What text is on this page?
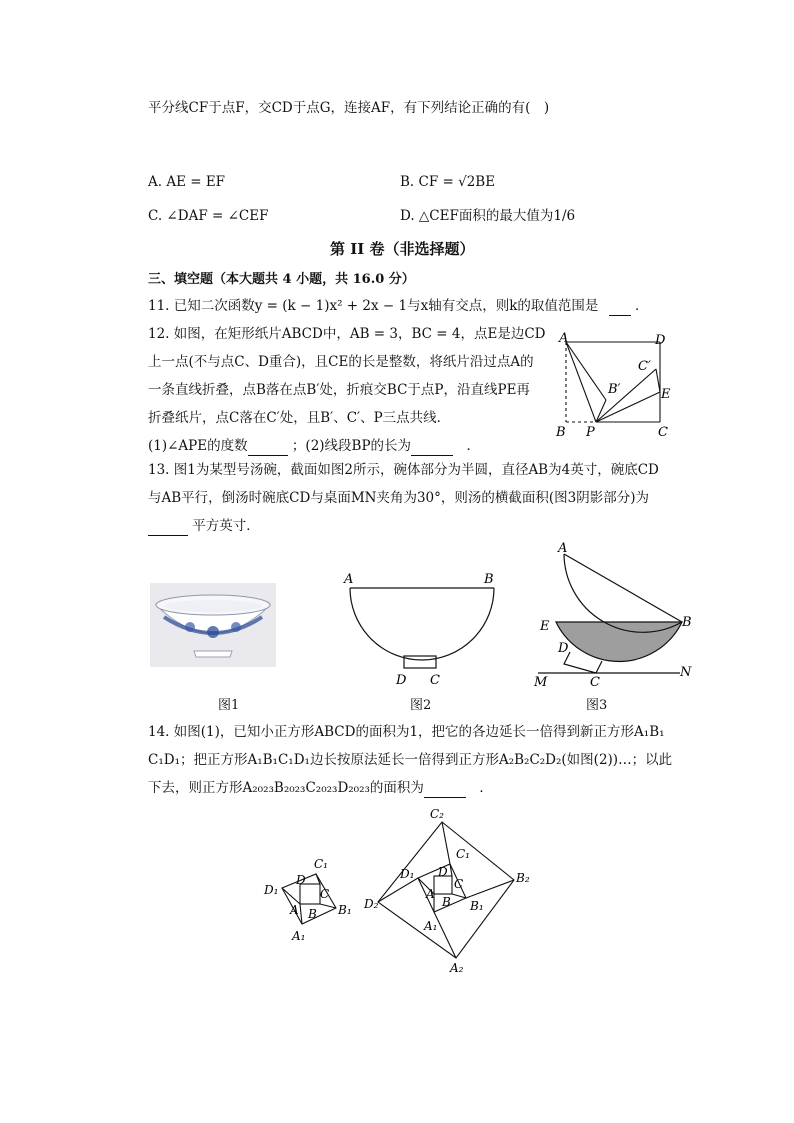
平分线CF于点F，交CD于点G，连接AF，有下列结论正确的有(　)
A. AE = EF	B. CF = √2BE
C. ∠DAF = ∠CEF	D. △CEF面积的最大值为1/6
第 II 卷（非选择题）
三、填空题（本大题共 4 小题，共 16.0 分）
11. 已知二次函数y = (k − 1)x² + 2x − 1与x轴有交点，则k的取值范围是  ．
12. 如图，在矩形纸片ABCD中，AB = 3，BC = 4，点E是边CD
上一点(不与点C、D重合)，且CE的长是整数，将纸片沿过点A的
一条直线折叠，点B落在点B′处，折痕交BC于点P，沿直线PE再
折叠纸片，点C落在C′处，且B′、C′、P三点共线．
(1)∠APE的度数	；(2)线段BP的长为	　．
A	D
C′
B′	E
B P	C
13. 图1为某型号汤碗，截面如图2所示，碗体部分为半圆，直径AB为4英寸，碗底CD
与AB平行，倒汤时碗底CD与桌面MN夹角为30°，则汤的横截面积(图3阴影部分)为
平方英寸．
图1
A	B
D C
图2
A
B
E
D
M	C
N
图3
14. 如图(1)，已知小正方形ABCD的面积为1，把它的各边延长一倍得到新正方形A₁B₁
C₁D₁；把正方形A₁B₁C₁D₁边长按原法延长一倍得到正方形A₂B₂C₂D₂(如图(2))…；以此
下去，则正方形A₂₀₂₃B₂₀₂₃C₂₀₂₃D₂₀₂₃的面积为	　．
C₁
D
C
D₁
A B B₁
A₁
C₂
C₁
D
C
D₁	B₂
A
B B₁
D₂
A₁
A₂
